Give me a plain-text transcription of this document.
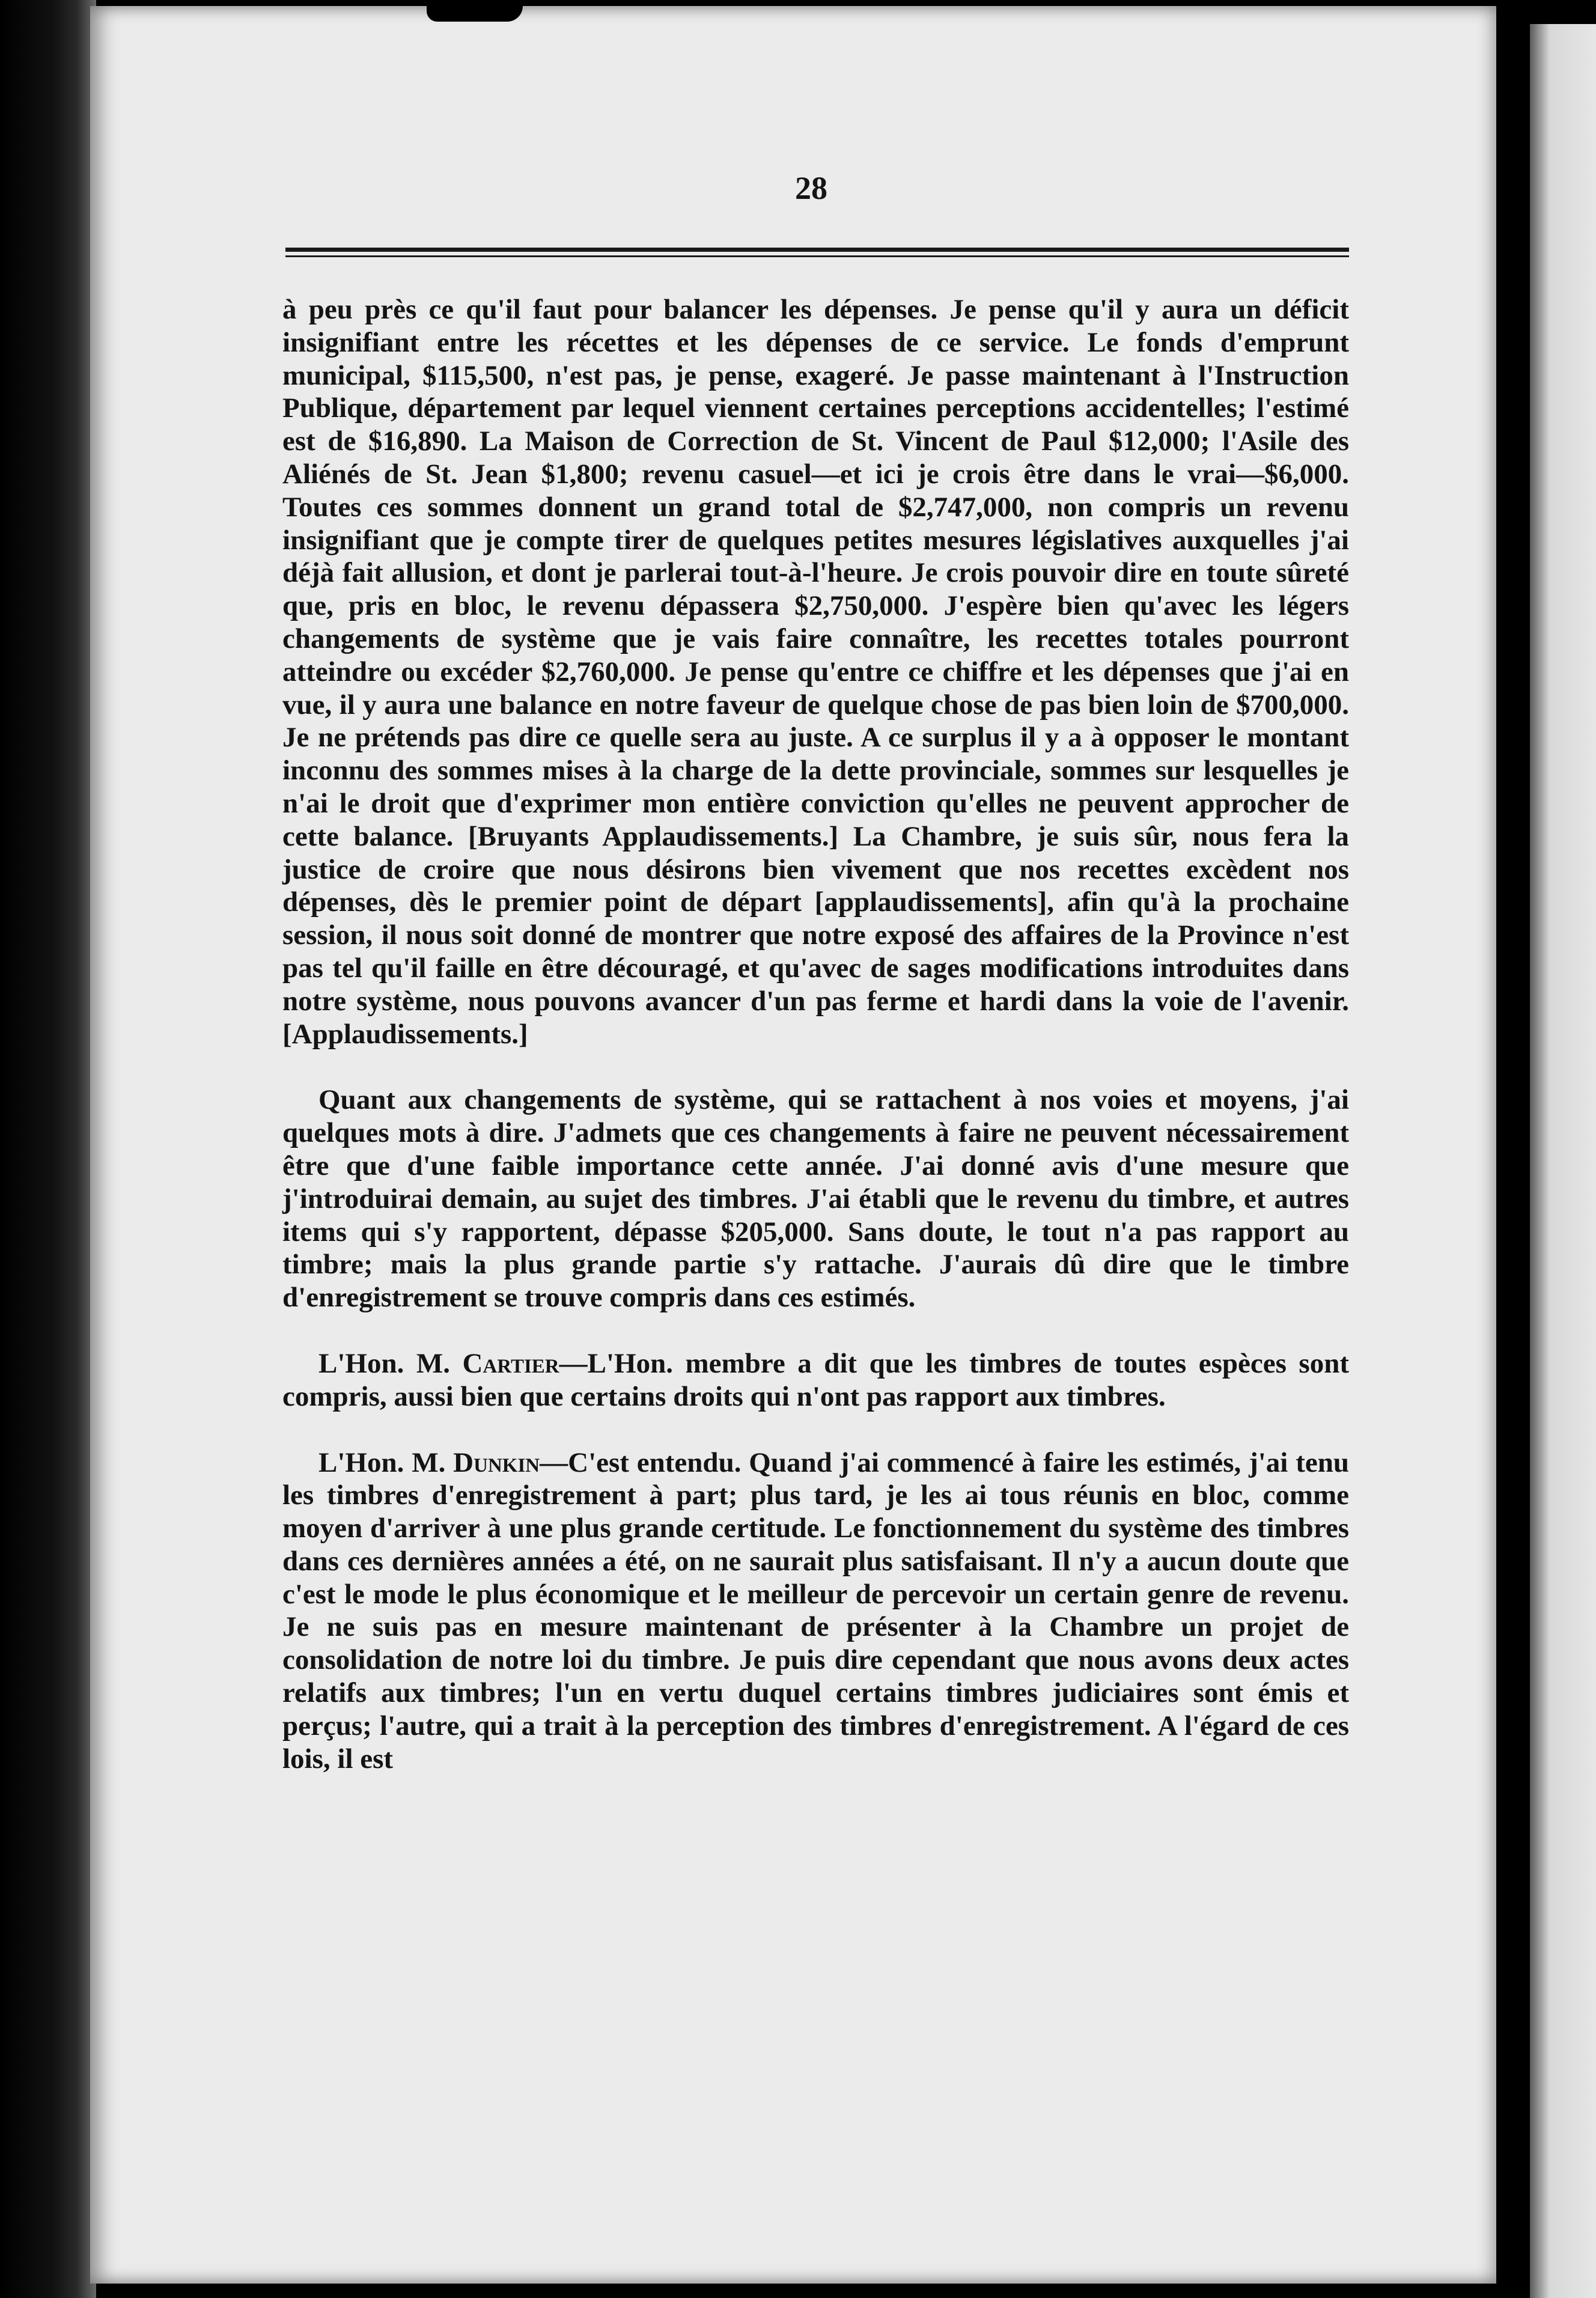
28

à peu près ce qu'il faut pour balancer les dépenses. Je pense qu'il y aura un déficit insignifiant entre les récettes et les dépenses de ce service. Le fonds d'emprunt municipal, $115,500, n'est pas, je pense, exageré. Je passe maintenant à l'Instruction Publique, département par lequel viennent certaines perceptions accidentelles; l'estimé est de $16,890. La Maison de Correction de St. Vincent de Paul $12,000; l'Asile des Aliénés de St. Jean $1,800; revenu casuel—et ici je crois être dans le vrai—$6,000. Toutes ces sommes donnent un grand total de $2,747,000, non compris un revenu insignifiant que je compte tirer de quelques petites mesures législatives auxquelles j'ai déjà fait allusion, et dont je parlerai tout-à-l'heure. Je crois pouvoir dire en toute sûreté que, pris en bloc, le revenu dépassera $2,750,000. J'espère bien qu'avec les légers changements de système que je vais faire connaître, les recettes totales pourront atteindre ou excéder $2,760,000. Je pense qu'entre ce chiffre et les dépenses que j'ai en vue, il y aura une balance en notre faveur de quelque chose de pas bien loin de $700,000. Je ne prétends pas dire ce quelle sera au juste. A ce surplus il y a à opposer le montant inconnu des sommes mises à la charge de la dette provinciale, sommes sur lesquelles je n'ai le droit que d'exprimer mon entière conviction qu'elles ne peuvent approcher de cette balance. [Bruyants Applaudissements.] La Chambre, je suis sûr, nous fera la justice de croire que nous désirons bien vivement que nos recettes excèdent nos dépenses, dès le premier point de départ [applaudissements], afin qu'à la prochaine session, il nous soit donné de montrer que notre exposé des affaires de la Province n'est pas tel qu'il faille en être découragé, et qu'avec de sages modifications introduites dans notre système, nous pouvons avancer d'un pas ferme et hardi dans la voie de l'avenir. [Applaudissements.]

Quant aux changements de système, qui se rattachent à nos voies et moyens, j'ai quelques mots à dire. J'admets que ces changements à faire ne peuvent nécessairement être que d'une faible importance cette année. J'ai donné avis d'une mesure que j'introduirai demain, au sujet des timbres. J'ai établi que le revenu du timbre, et autres items qui s'y rapportent, dépasse $205,000. Sans doute, le tout n'a pas rapport au timbre; mais la plus grande partie s'y rattache. J'aurais dû dire que le timbre d'enregistrement se trouve compris dans ces estimés.

L'Hon. M. Cartier—L'Hon. membre a dit que les timbres de toutes espèces sont compris, aussi bien que certains droits qui n'ont pas rapport aux timbres.

L'Hon. M. Dunkin—C'est entendu. Quand j'ai commencé à faire les estimés, j'ai tenu les timbres d'enregistrement à part; plus tard, je les ai tous réunis en bloc, comme moyen d'arriver à une plus grande certitude. Le fonctionnement du système des timbres dans ces dernières années a été, on ne saurait plus satisfaisant. Il n'y a aucun doute que c'est le mode le plus économique et le meilleur de percevoir un certain genre de revenu. Je ne suis pas en mesure maintenant de présenter à la Chambre un projet de consolidation de notre loi du timbre. Je puis dire cependant que nous avons deux actes relatifs aux timbres; l'un en vertu duquel certains timbres judiciaires sont émis et perçus; l'autre, qui a trait à la perception des timbres d'enregistrement. A l'égard de ces lois, il est
